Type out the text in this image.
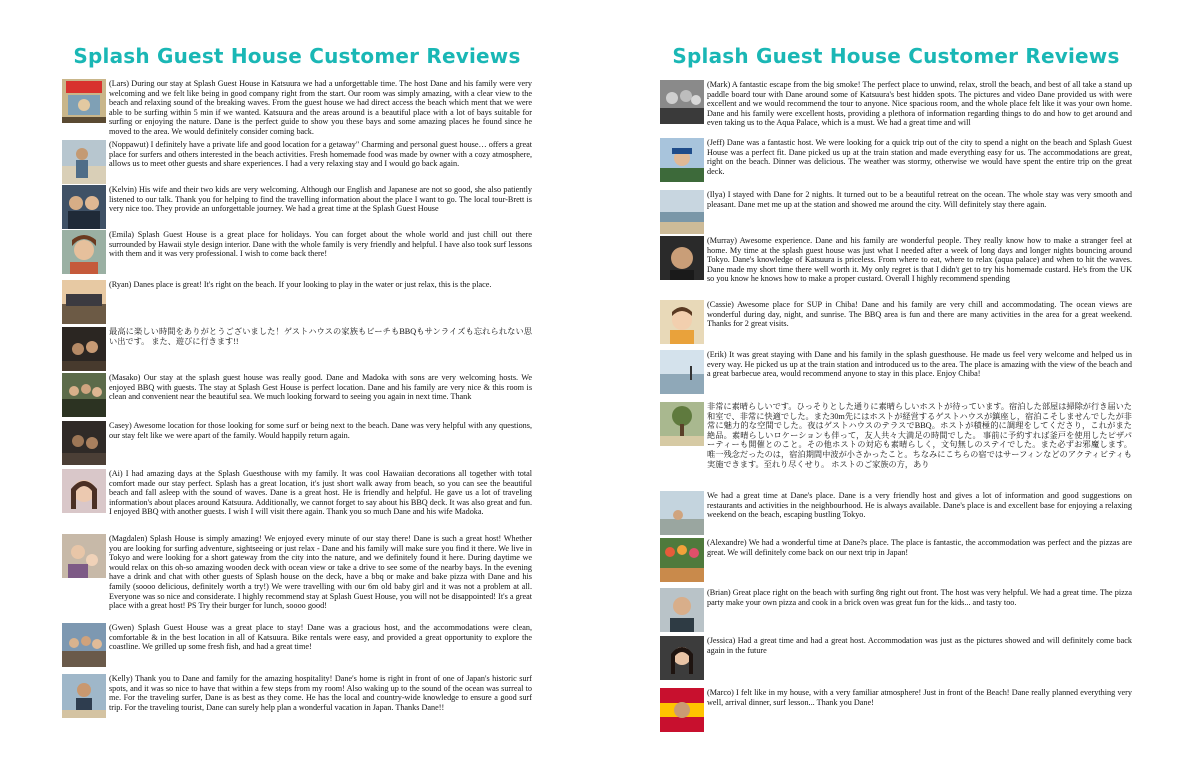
Splash Guest House Customer Reviews

(Lars) During our stay at Splash Guest House in Katsuura we had a unforgettable time. The host Dane and his family were very welcoming and we felt like being in good company right from the start. Our room was simply amazing, with a clear view to the beach and relaxing sound of the breaking waves. From the guest house we had direct access the beach which ment that we were able to be surfing within 5 min if we wanted. Katsuura and the areas around is a beautiful place with a lot of bays suitable for surfing or enjoying the nature. Dane is the perfect guide to show you these bays and some amazing places he found since he moved to the area. We would definitely consider coming back.

(Noppawut) I definitely have a private life and good location for a getaway" Charming and personal guest house… offers a great place for surfers and others interested in the beach activities. Fresh homemade food was made by owner with a cozy atmosphere, allows us to meet other guests and share experiences. I had a very relaxing stay and I would go back again.

(Kelvin) His wife and their two kids are very welcoming. Although our English and Japanese are not so good, she also patiently listened to our talk. Thank you for helping to find the travelling information about the place I want to go. The local tour-Brett is very nice too. They provide an unforgettable journey. We had a great time at the Splash Guest House

(Emila) Splash Guest House is a great place for holidays. You can forget about the whole world and just chill out there surrounded by Hawaii style design interior. Dane with the whole family is very friendly and helpful. I have also took surf lessons with them and it was very professional. I wish to come back there!

(Ryan) Danes place is great! It's right on the beach. If your looking to play in the water or just relax, this is the place.

最高に楽しい時間をありがとうございました！ゲストハウスの家族もビーチもBBQもサンライズも忘れられない思い出です。 また、遊びに行きます!!

(Masako) Our stay at the splash guest house was really good. Dane and Madoka with sons are very welcoming hosts. We enjoyed BBQ with guests. The stay at Splash Gest House is perfect location. Dane and his family are very nice & this room is clean and convenient near the beautiful sea. We much looking forward to seeing you again in next time. Thank

Casey) Awesome location for those looking for some surf or being next to the beach. Dane was very helpful with any questions, our stay felt like we were apart of the family. Would happily return again.

(Ai) I had amazing days at the Splash Guesthouse with my family. It was cool Hawaiian decorations all together with total comfort made our stay perfect. Splash has a great location, it's just short walk away from beach, so you can see the beautiful beach and fall asleep with the sound of waves. Dane is a great host. He is friendly and helpful. He gave us a lot of traveling information's about places around Katsuura. Additionally, we cannot forget to say about his BBQ deck. It was also great and fun. I enjoyed BBQ with another guests. I wish I will visit there again. Thank you so much Dane and his wife Madoka.

(Magdalen) Splash House is simply amazing! We enjoyed every minute of our stay there! Dane is such a great host! Whether you are looking for surfing adventure, sightseeing or just relax - Dane and his family will make sure you find it there. We live in Tokyo and were looking for a short gateway from the city into the nature, and we definitely found it here. During daytime we would relax on this oh-so amazing wooden deck with ocean view or take a drive to see some of the nearby bays. In the evening have a drink and chat with other guests of Splash house on the deck, have a bbq or make and bake pizza with Dane and his family (soooo delicious, definitely worth a try!) We were travelling with our 6m old baby girl and it was not a problem at all. Everyone was so nice and considerate. I highly recommend stay at Splash Guest House, you will not be disappointed! It's a great place with a great host! PS Try their burger for lunch, soooo good!

(Gwen) Splash Guest House was a great place to stay! Dane was a gracious host, and the accommodations were clean, comfortable & in the best location in all of Katsuura. Bike rentals were easy, and provided a great opportunity to explore the coastline. We grilled up some fresh fish, and had a great time!

(Kelly) Thank you to Dane and family for the amazing hospitality! Dane's home is right in front of one of Japan's historic surf spots, and it was so nice to have that within a few steps from my room! Also waking up to the sound of the ocean was surreal to me. For the traveling surfer, Dane is as best as they come. He has the local and country-wide knowledge to ensure a good surf trip. For the traveling tourist, Dane can surely help plan a wonderful vacation in Japan. Thanks Dane!!

Splash Guest House Customer Reviews

(Mark) A fantastic escape from the big smoke! The perfect place to unwind, relax, stroll the beach, and best of all take a stand up paddle board tour with Dane around some of Katsuura's best hidden spots. The pictures and video Dane provided us with were excellent and we would recommend the tour to anyone. Nice spacious room, and the whole place felt like it was your own home. Dane and his family were excellent hosts, providing a plethora of information regarding things to do and how to get around and even taking us to the Aqua Palace, which is a must. We had a great time and will

(Jeff) Dane was a fantastic host. We were looking for a quick trip out of the city to spend a night on the beach and Splash Guest House was a perfect fit. Dane picked us up at the train station and made everything easy for us. The accommodations are great, right on the beach. Dinner was delicious. The weather was stormy, otherwise we would have spent the entire trip on the great deck.

(Ilya) I stayed with Dane for 2 nights. It turned out to be a beautiful retreat on the ocean. The whole stay was very smooth and pleasant. Dane met me up at the station and showed me around the city. Will definitely stay there again.

(Murray) Awesome experience. Dane and his family are wonderful people. They really know how to make a stranger feel at home. My time at the splash guest house was just what I needed after a week of long days and longer nights bouncing around Tokyo. Dane's knowledge of Katsuura is priceless. From where to eat, where to relax (aqua palace) and when to hit the waves. Dane made my short time there well worth it. My only regret is that I didn't get to try his homemade custard. He's from the UK so you know he knows how to make a proper custard. Overall I highly recommend spending

(Cassie) Awesome place for SUP in Chiba! Dane and his family are very chill and accommodating. The ocean views are wonderful during day, night, and sunrise. The BBQ area is fun and there are many activities in the area for a great weekend. Thanks for 2 great visits.

(Erik) It was great staying with Dane and his family in the splash guesthouse. He made us feel very welcome and helped us in every way. He picked us up at the train station and introduced us to the area. The place is amazing with the view of the beach and a great barbecue area, would recommend anyone to stay in this place. Enjoy Chiba!

非常に素晴らしいです。ひっそりとした通りに素晴らしいホストが待っています。宿泊した部屋は掃除が行き届いた和室で、非常に快適でした。また30m先にはホストが経営するゲストハウスが鎮座し，宿泊こそしませんでしたが非常に魅力的な空間でした。夜はゲストハウスのテラスでBBQ。ホストが積極的に調理をしてくださり，これがまた絶品。素晴らしいロケーションも伴って，友人共々大満足の時間でした。 事前に予約すれば釜戸を使用したピザパーティーも開催とのこと。その他ホストの対応も素晴らしく，文句無しのステイでした。また必ずお邪魔します。 唯一残念だったのは，宿泊期間中波が小さかったこと。ちなみにこちらの宿ではサーフィンなどのアクティビティも実施できます。至れり尽くせり。 ホストのご家族の方，あり

We had a great time at Dane's place. Dane is a very friendly host and gives a lot of information and good suggestions on restaurants and activities in the neighbourhood. He is always available. Dane's place is and excellent base for enjoying a relaxing weekend on the beach, escaping bustling Tokyo.

(Alexandre) We had a wonderful time at Dane?s place. The place is fantastic, the accommodation was perfect and the pizzas are great. We will definitely come back on our next trip in Japan!

(Brian) Great place right on the beach with surfing 8ng right out front. The host was very helpful. We had a great time. The pizza party make your own pizza and cook in a brick oven was great fun for the kids... and tasty too.

(Jessica) Had a great time and had a great host. Accommodation was just as the pictures showed and will definitely come back again in the future

(Marco) I felt like in my house, with a very familiar atmosphere! Just in front of the Beach! Dane really planned everything very well, arrival dinner, surf lesson... Thank you Dane!
